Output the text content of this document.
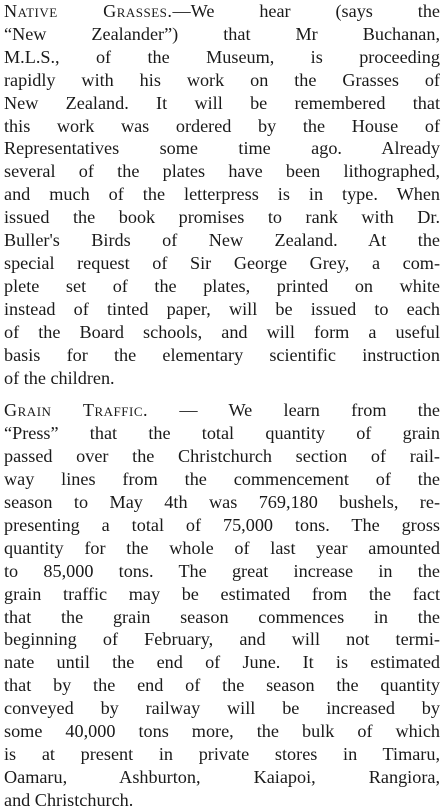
Native Grasses.—We hear (says the
“New Zealander”) that Mr Buchanan,
M.L.S., of the Museum, is proceeding
rapidly with his work on the Grasses of
New Zealand. It will be remembered that
this work was ordered by the House of
Representatives some time ago. Already
several of the plates have been lithographed,
and much of the letterpress is in type. When
issued the book promises to rank with Dr.
Buller's Birds of New Zealand. At the
special request of Sir George Grey, a com-
plete set of the plates, printed on white
instead of tinted paper, will be issued to each
of the Board schools, and will form a useful
basis for the elementary scientific instruction
of the children.

Grain Traffic. — We learn from the
“Press” that the total quantity of grain
passed over the Christchurch section of rail-
way lines from the commencement of the
season to May 4th was 769,180 bushels, re-
presenting a total of 75,000 tons. The gross
quantity for the whole of last year amounted
to 85,000 tons. The great increase in the
grain traffic may be estimated from the fact
that the grain season commences in the
beginning of February, and will not termi-
nate until the end of June. It is estimated
that by the end of the season the quantity
conveyed by railway will be increased by
some 40,000 tons more, the bulk of which
is at present in private stores in Timaru,
Oamaru, Ashburton, Kaiapoi, Rangiora,
and Christchurch.
